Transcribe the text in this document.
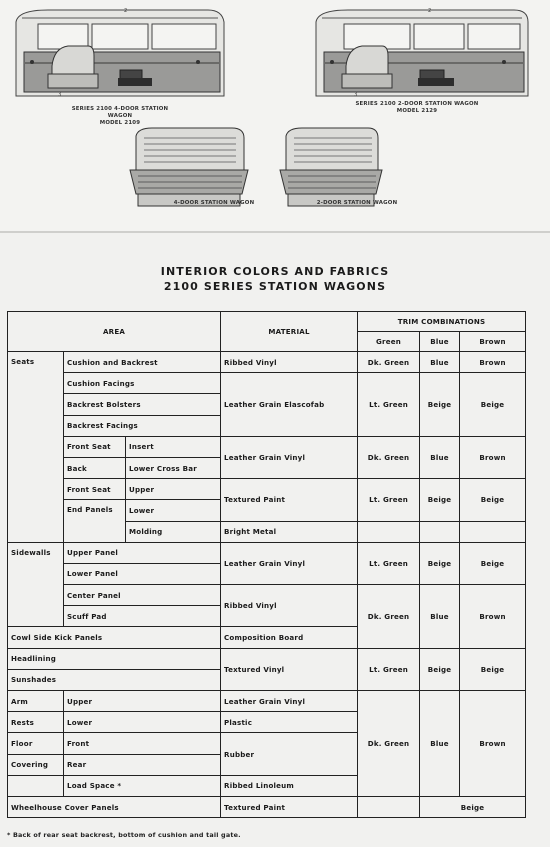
2
3
SERIES 2100 4-DOOR STATION WAGON
MODEL 2109
2
3
SERIES 2100 2-DOOR STATION WAGON
MODEL 2129
4-DOOR STATION WAGON	2-DOOR STATION WAGON
INTERIOR COLORS AND FABRICS
2100 SERIES STATION WAGONS
AREA			MATERIAL	TRIM COMBINATIONS		
				Green	Blue	Brown
Seats	Cushion and Backrest		Ribbed Vinyl	Dk. Green	Blue	Brown
	Cushion Facings		Leather Grain Elascofab	Lt. Green	Beige	Beige
	Backrest Bolsters					
	Backrest Facings					
	Front Seat	Insert	Leather Grain Vinyl	Dk. Green	Blue	Brown
	Back	Lower Cross Bar				
	Front Seat	Upper	Textured Paint	Lt. Green	Beige	Beige
	End Panels	Lower				
		Molding	Bright Metal			
Sidewalls	Upper Panel		Leather Grain Vinyl	Lt. Green	Beige	Beige
	Lower Panel					
	Center Panel		Ribbed Vinyl	Dk. Green	Blue	Brown
	Scuff Pad					
Cowl Side Kick Panels			Composition Board			
Headlining			Textured Vinyl	Lt. Green	Beige	Beige
Sunshades						
Arm	Upper		Leather Grain Vinyl	Dk. Green	Blue	Brown
Rests	Lower		Plastic			
Floor	Front		Rubber			
Covering	Rear					
	Load Space *		Ribbed Linoleum			
Wheelhouse Cover Panels			Textured Paint		Beige	
* Back of rear seat backrest, bottom of cushion and tail gate.
